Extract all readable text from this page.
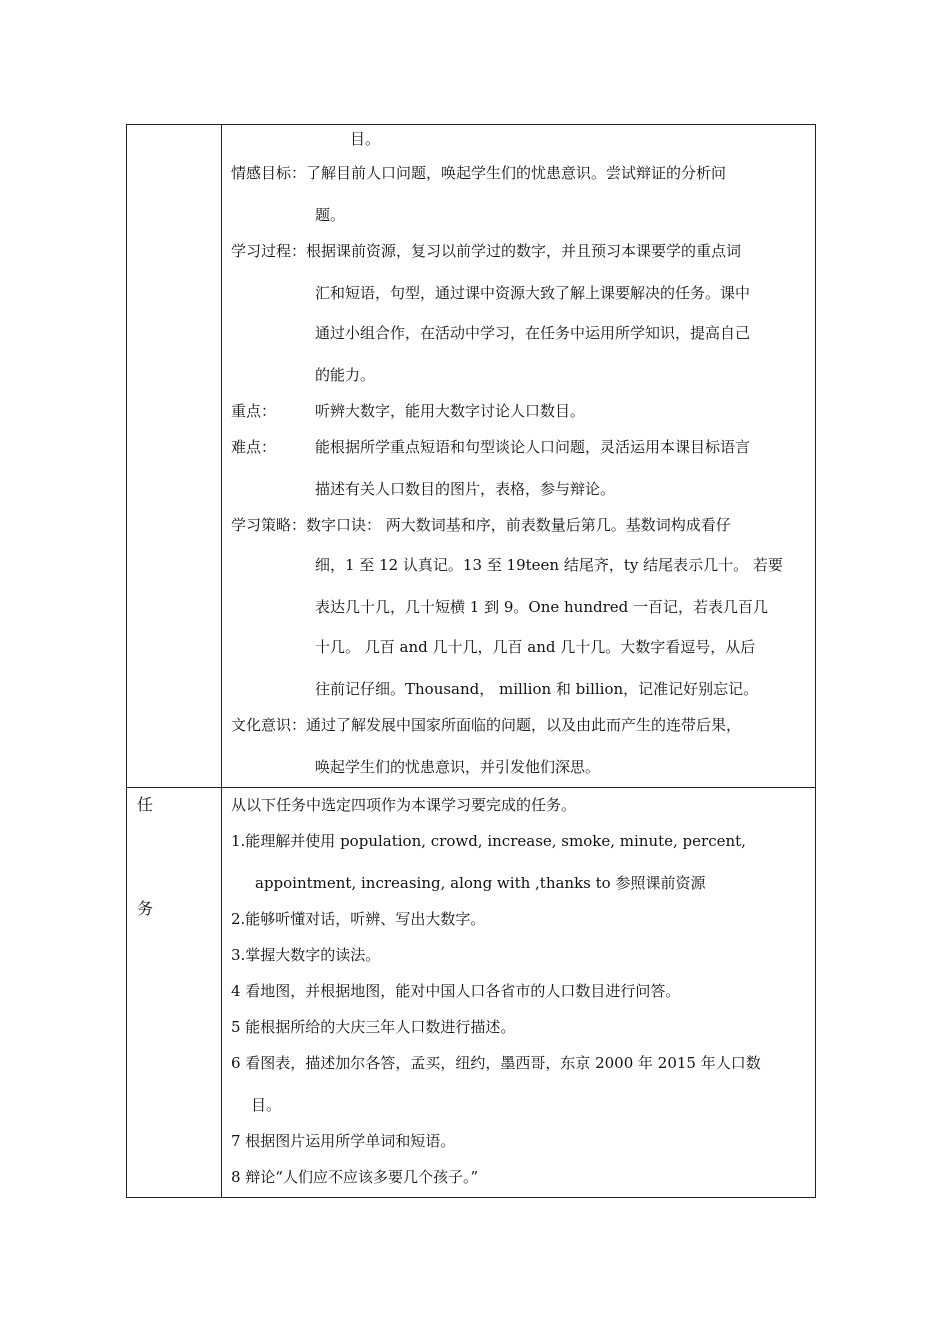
目。
情感目标：了解目前人口问题，唤起学生们的忧患意识。尝试辩证的分析问
题。
学习过程：根据课前资源，复习以前学过的数字，并且预习本课要学的重点词
汇和短语，句型，通过课中资源大致了解上课要解决的任务。课中
通过小组合作，在活动中学习，在任务中运用所学知识，提高自己
的能力。
重点：	听辨大数字，能用大数字讨论人口数目。
难点：	能根据所学重点短语和句型谈论人口问题，灵活运用本课目标语言
描述有关人口数目的图片，表格，参与辩论。
学习策略：数字口诀： 两大数词基和序，前表数量后第几。基数词构成看仔
细，1 至 12 认真记。13 至 19teen 结尾齐，ty 结尾表示几十。 若要
表达几十几，几十短横 1 到 9。One hundred 一百记，若表几百几
十几。 几百 and 几十几，几百 and 几十几。大数字看逗号，从后
往前记仔细。Thousand， million 和 billion，记准记好别忘记。
文化意识：通过了解发展中国家所面临的问题，以及由此而产生的连带后果，
唤起学生们的忧患意识，并引发他们深思。
任
务
从以下任务中选定四项作为本课学习要完成的任务。
1.能理解并使用 population, crowd, increase, smoke, minute, percent,
appointment, increasing, along with ,thanks to 参照课前资源
2.能够听懂对话，听辨、写出大数字。
3.掌握大数字的读法。
4 看地图，并根据地图，能对中国人口各省市的人口数目进行问答。
5 能根据所给的大庆三年人口数进行描述。
6 看图表，描述加尔各答，孟买，纽约，墨西哥，东京 2000 年 2015 年人口数
目。
7 根据图片运用所学单词和短语。
8 辩论“人们应不应该多要几个孩子。”
